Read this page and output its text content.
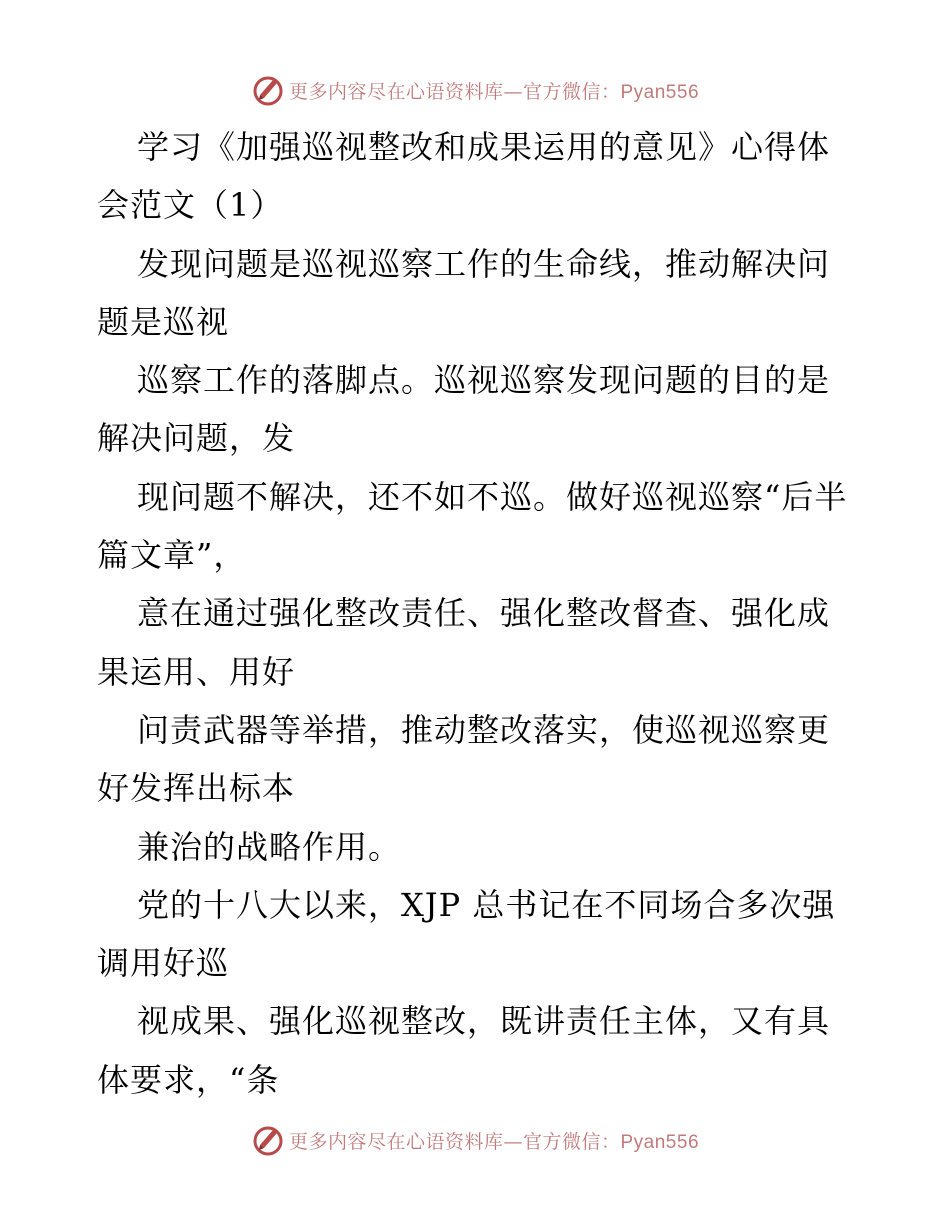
更多内容尽在心语资料库—官方微信：Pyan556

学习《加强巡视整改和成果运用的意见》心得体会范文（1）

发现问题是巡视巡察工作的生命线，推动解决问题是巡视

巡察工作的落脚点。巡视巡察发现问题的目的是解决问题，发

现问题不解决，还不如不巡。做好巡视巡察“后半篇文章”，

意在通过强化整改责任、强化整改督查、强化成果运用、用好

问责武器等举措，推动整改落实，使巡视巡察更好发挥出标本

兼治的战略作用。

党的十八大以来，XJP 总书记在不同场合多次强调用好巡

视成果、强化巡视整改，既讲责任主体，又有具体要求，“条

更多内容尽在心语资料库—官方微信：Pyan556
